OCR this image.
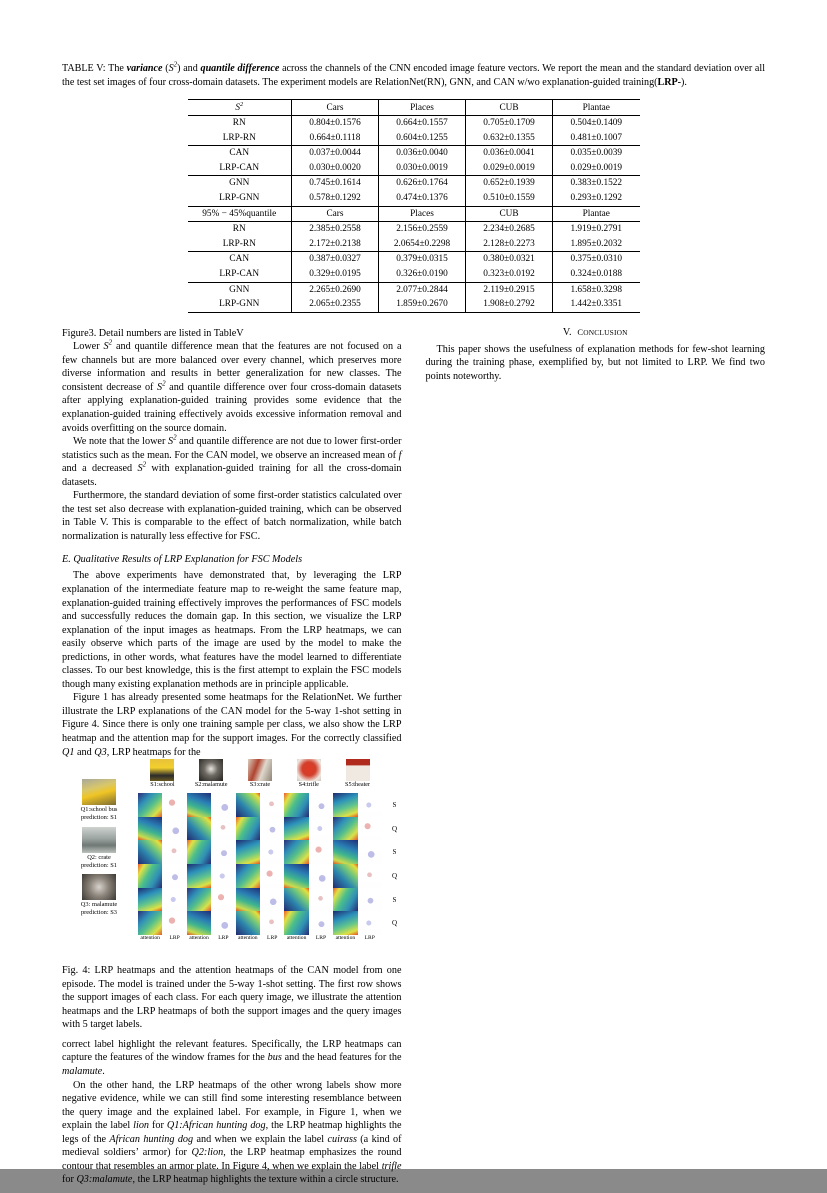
TABLE V: The variance $(S^2)$ and quantile difference across the channels of the CNN encoded image feature vectors. We report the mean and the standard deviation over all the test set images of four cross-domain datasets. The experiment models are RelationNet(RN), GNN, and CAN w/wo explanation-guided training(LRP-).

$S^2$	Cars	Places	CUB	Plantae
RN	0.804±0.1576	0.664±0.1557	0.705±0.1709	0.504±0.1409
LRP-RN	0.664±0.1118	0.604±0.1255	0.632±0.1355	0.481±0.1007
CAN	0.037±0.0044	0.036±0.0040	0.036±0.0041	0.035±0.0039
LRP-CAN	0.030±0.0020	0.030±0.0019	0.029±0.0019	0.029±0.0019
GNN	0.745±0.1614	0.626±0.1764	0.652±0.1939	0.383±0.1522
LRP-GNN	0.578±0.1292	0.474±0.1376	0.510±0.1559	0.293±0.1292
95% − 45%quantile	Cars	Places	CUB	Plantae
RN	2.385±0.2558	2.156±0.2559	2.234±0.2685	1.919±0.2791
LRP-RN	2.172±0.2138	2.0654±0.2298	2.128±0.2273	1.895±0.2032
CAN	0.387±0.0327	0.379±0.0315	0.380±0.0321	0.375±0.0310
LRP-CAN	0.329±0.0195	0.326±0.0190	0.323±0.0192	0.324±0.0188
GNN	2.265±0.2690	2.077±0.2844	2.119±0.2915	1.658±0.3298
LRP-GNN	2.065±0.2355	1.859±0.2670	1.908±0.2792	1.442±0.3351

Figure3. Detail numbers are listed in TableV

Lower $S^2$ and quantile difference mean that the features are not focused on a few channels but are more balanced over every channel, which preserves more diverse information and results in better generalization for new classes. The consistent decrease of $S^2$ and quantile difference over four cross-domain datasets after applying explanation-guided training provides some evidence that the explanation-guided training effectively avoids excessive information removal and avoids overfitting on the source domain.

We note that the lower $S^2$ and quantile difference are not due to lower first-order statistics such as the mean. For the CAN model, we observe an increased mean of f and a decreased $S^2$ with explanation-guided training for all the cross-domain datasets.

Furthermore, the standard deviation of some first-order statistics calculated over the test set also decrease with explanation-guided training, which can be observed in Table V. This is comparable to the effect of batch normalization, while batch normalization is naturally less effective for FSC.

E. Qualitative Results of LRP Explanation for FSC Models

The above experiments have demonstrated that, by leveraging the LRP explanation of the intermediate feature map to re-weight the same feature map, explanation-guided training effectively improves the performances of FSC models and successfully reduces the domain gap. In this section, we visualize the LRP explanation of the input images as heatmaps. From the LRP heatmaps, we can easily observe which parts of the image are used by the model to make the predictions, in other words, what features have the model learned to differentiate classes. To our best knowledge, this is the first attempt to explain the FSC models though many existing explanation methods are in principle applicable.

Figure 1 has already presented some heatmaps for the RelationNet. We further illustrate the LRP explanations of the CAN model for the 5-way 1-shot setting in Figure 4. Since there is only one training sample per class, we also show the LRP heatmap and the attention map for the support images. For the correctly classified Q1 and Q3, LRP heatmaps for the

Q1:school bus
prediction: S1
Q2: crate
prediction: S1
Q3: malamute
prediction: S3
S1:school	S2:malamute	S3:crate	S4:trifle	S5:theater
attention	LRP	attention	LRP	attention	LRP	attention	LRP	attention	LRP
S
Q
S
Q
S
Q

Fig. 4: LRP heatmaps and the attention heatmaps of the CAN model from one episode. The model is trained under the 5-way 1-shot setting. The first row shows the support images of each class. For each query image, we illustrate the attention heatmaps and the LRP heatmaps of both the support images and the query images with 5 target labels.

correct label highlight the relevant features. Specifically, the LRP heatmaps can capture the features of the window frames for the bus and the head features for the malamute.

On the other hand, the LRP heatmaps of the other wrong labels show more negative evidence, while we can still find some interesting resemblance between the query image and the explained label. For example, in Figure 1, when we explain the label lion for Q1:African hunting dog, the LRP heatmap highlights the legs of the African hunting dog and when we explain the label cuirass (a kind of medieval soldiers’ armor) for Q2:lion, the LRP heatmap emphasizes the round contour that resembles an armor plate. In Figure 4, when we explain the label trifle for Q3:malamute, the LRP heatmap highlights the texture within a circle structure.

V. CONCLUSION

This paper shows the usefulness of explanation methods for few-shot learning during the training phase, exemplified by, but not limited to LRP. We find two points noteworthy.
